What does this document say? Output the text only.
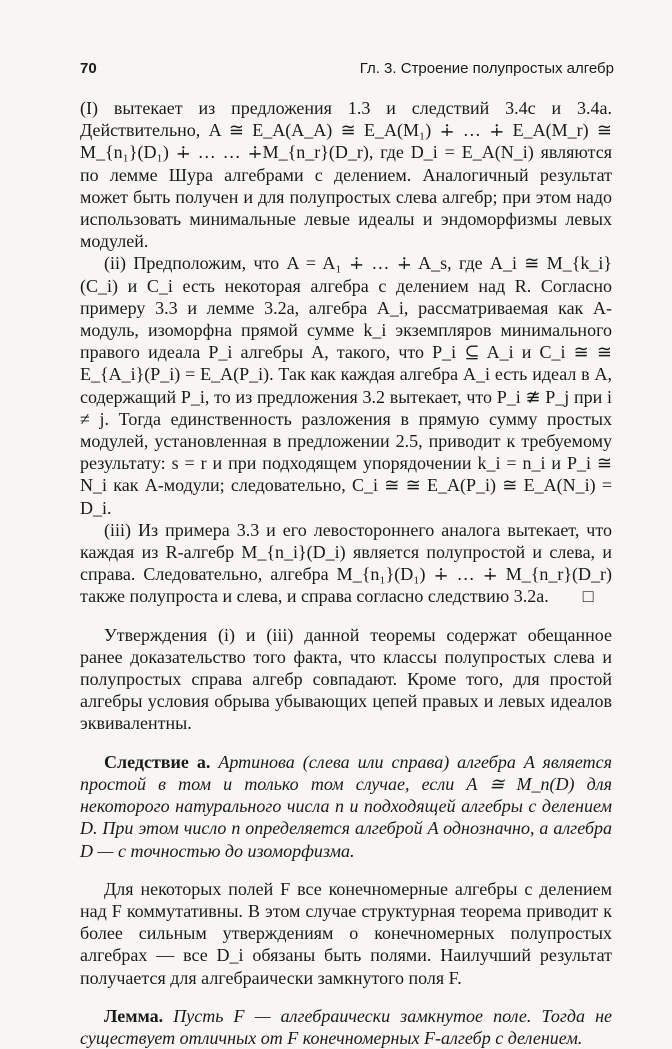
70	Гл. 3. Строение полупростых алгебр

(I) вытекает из предложения 1.3 и следствий 3.4с и 3.4а. Действительно, A ≅ E_A(A_A) ≅ E_A(M₁) ∔ … ∔ E_A(M_r) ≅ M_{n₁}(D₁) ∔ … … ∔M_{n_r}(D_r), где D_i = E_A(N_i) являются по лемме Шура алгебрами с делением. Аналогичный результат может быть получен и для полупростых слева алгебр; при этом надо использовать минимальные левые идеалы и эндоморфизмы левых модулей.

(ii) Предположим, что A = A₁ ∔ … ∔ A_s, где A_i ≅ M_{k_i}(C_i) и C_i есть некоторая алгебра с делением над R. Согласно примеру 3.3 и лемме 3.2а, алгебра A_i, рассматриваемая как A-модуль, изоморфна прямой сумме k_i экземпляров минимального правого идеала P_i алгебры A, такого, что P_i ⊆ A_i и C_i ≅ ≅ E_{A_i}(P_i) = E_A(P_i). Так как каждая алгебра A_i есть идеал в A, содержащий P_i, то из предложения 3.2 вытекает, что P_i ≇ P_j при i ≠ j. Тогда единственность разложения в прямую сумму простых модулей, установленная в предложении 2.5, приводит к требуемому результату: s = r и при подходящем упорядочении k_i = n_i и P_i ≅ N_i как A-модули; следовательно, C_i ≅ ≅ E_A(P_i) ≅ E_A(N_i) = D_i.

(iii) Из примера 3.3 и его левостороннего аналога вытекает, что каждая из R-алгебр M_{n_i}(D_i) является полупростой и слева, и справа. Следовательно, алгебра M_{n₁}(D₁) ∔ … ∔ M_{n_r}(D_r) также полупроста и слева, и справа согласно следствию 3.2а. □

Утверждения (i) и (iii) данной теоремы содержат обещанное ранее доказательство того факта, что классы полупростых слева и полупростых справа алгебр совпадают. Кроме того, для простой алгебры условия обрыва убывающих цепей правых и левых идеалов эквивалентны.

Следствие а. Артинова (слева или справа) алгебра A является простой в том и только том случае, если A ≅ M_n(D) для некоторого натурального числа n и подходящей алгебры с делением D. При этом число n определяется алгеброй A однозначно, а алгебра D — с точностью до изоморфизма.

Для некоторых полей F все конечномерные алгебры с делением над F коммутативны. В этом случае структурная теорема приводит к более сильным утверждениям о конечномерных полупростых алгебрах — все D_i обязаны быть полями. Наилучший результат получается для алгебраически замкнутого поля F.

Лемма. Пусть F — алгебраически замкнутое поле. Тогда не существует отличных от F конечномерных F-алгебр с делением.
